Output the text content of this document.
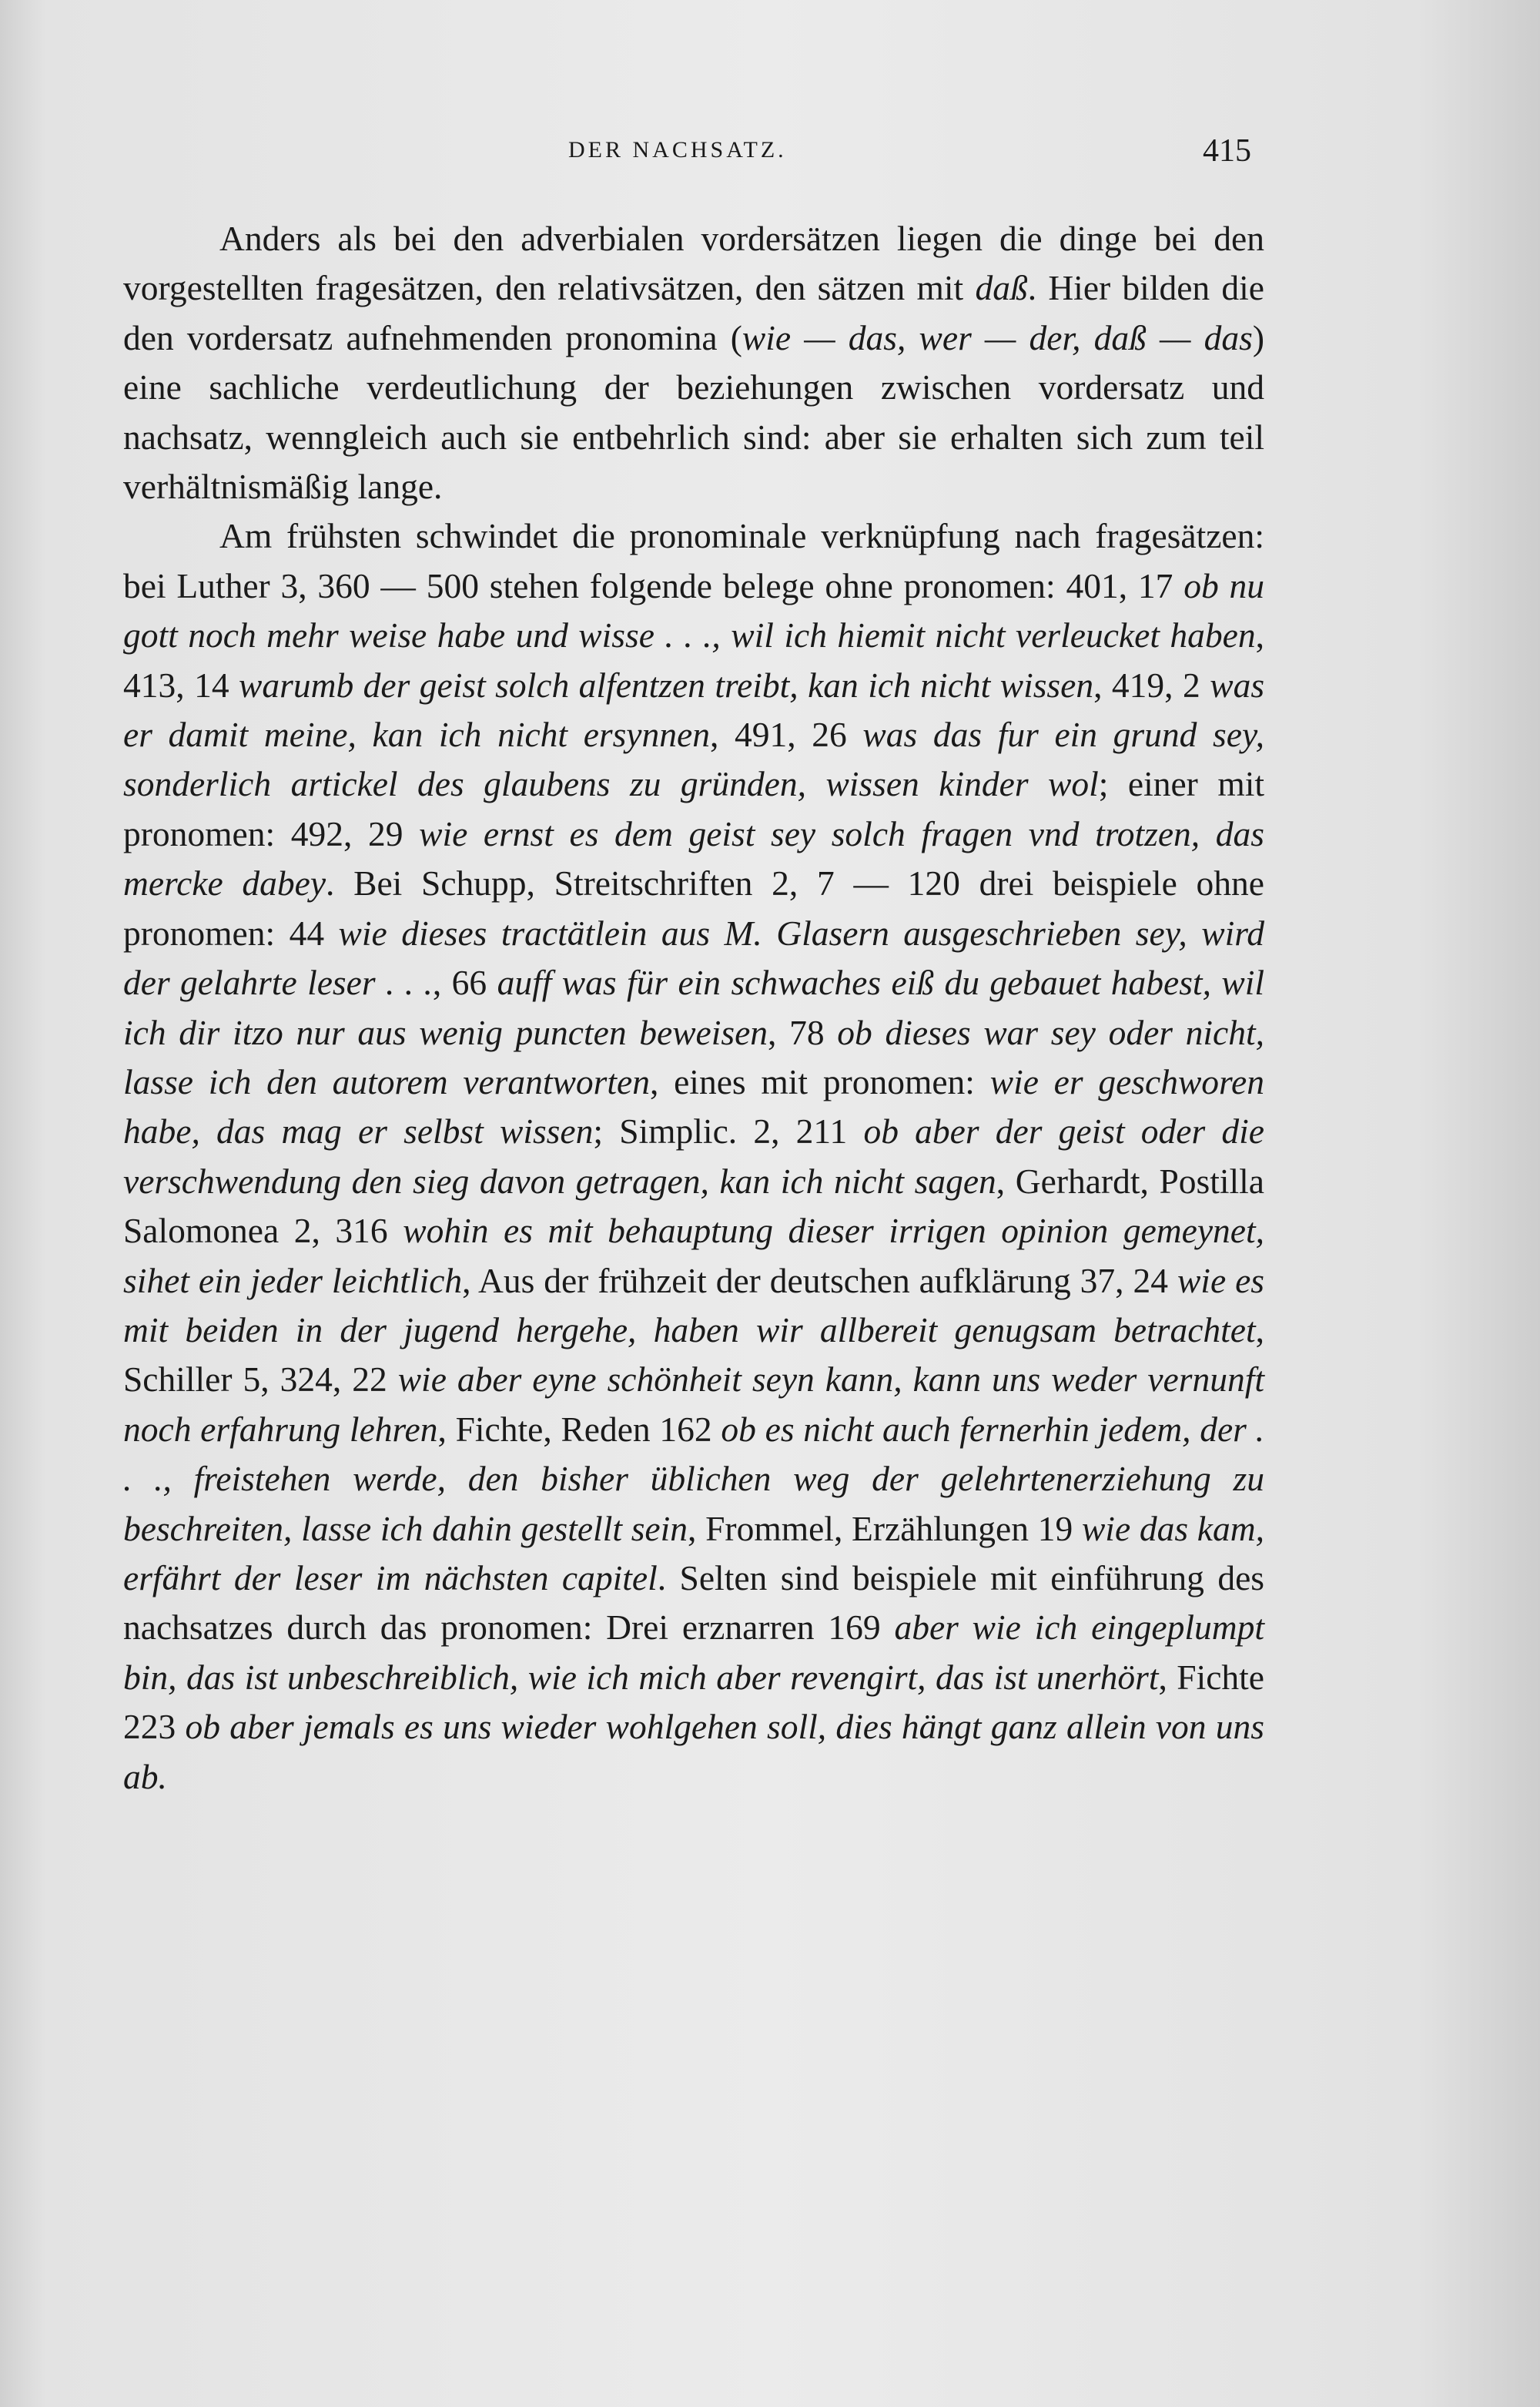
DER NACHSATZ.	415

Anders als bei den adverbialen vordersätzen liegen die dinge bei den vorgestellten fragesätzen, den relativsätzen, den sätzen mit daß. Hier bilden die den vordersatz aufnehmenden pronomina (wie — das, wer — der, daß — das) eine sachliche verdeutlichung der beziehungen zwischen vordersatz und nachsatz, wenngleich auch sie entbehrlich sind: aber sie erhalten sich zum teil verhältnismäßig lange.

Am frühsten schwindet die pronominale verknüpfung nach fragesätzen: bei Luther 3, 360 — 500 stehen folgende belege ohne pronomen: 401, 17 ob nu gott noch mehr weise habe und wisse . . ., wil ich hiemit nicht verleucket haben, 413, 14 warumb der geist solch alfentzen treibt, kan ich nicht wissen, 419, 2 was er damit meine, kan ich nicht ersynnen, 491, 26 was das fur ein grund sey, sonderlich artickel des glaubens zu gründen, wissen kinder wol; einer mit pronomen: 492, 29 wie ernst es dem geist sey solch fragen vnd trotzen, das mercke dabey. Bei Schupp, Streitschriften 2, 7 — 120 drei beispiele ohne pronomen: 44 wie dieses tractätlein aus M. Glasern ausgeschrieben sey, wird der gelahrte leser . . ., 66 auff was für ein schwaches eiß du gebauet habest, wil ich dir itzo nur aus wenig puncten beweisen, 78 ob dieses war sey oder nicht, lasse ich den autorem verantworten, eines mit pronomen: wie er geschworen habe, das mag er selbst wissen; Simplic. 2, 211 ob aber der geist oder die verschwendung den sieg davon getragen, kan ich nicht sagen, Gerhardt, Postilla Salomonea 2, 316 wohin es mit behauptung dieser irrigen opinion gemeynet, sihet ein jeder leichtlich, Aus der frühzeit der deutschen aufklärung 37, 24 wie es mit beiden in der jugend hergehe, haben wir allbereit genugsam betrachtet, Schiller 5, 324, 22 wie aber eyne schönheit seyn kann, kann uns weder vernunft noch erfahrung lehren, Fichte, Reden 162 ob es nicht auch fernerhin jedem, der . . ., freistehen werde, den bisher üblichen weg der gelehrtenerziehung zu beschreiten, lasse ich dahin gestellt sein, Frommel, Erzählungen 19 wie das kam, erfährt der leser im nächsten capitel. Selten sind beispiele mit einführung des nachsatzes durch das pronomen: Drei erznarren 169 aber wie ich eingeplumpt bin, das ist unbeschreiblich, wie ich mich aber revengirt, das ist unerhört, Fichte 223 ob aber jemals es uns wieder wohlgehen soll, dies hängt ganz allein von uns ab.
